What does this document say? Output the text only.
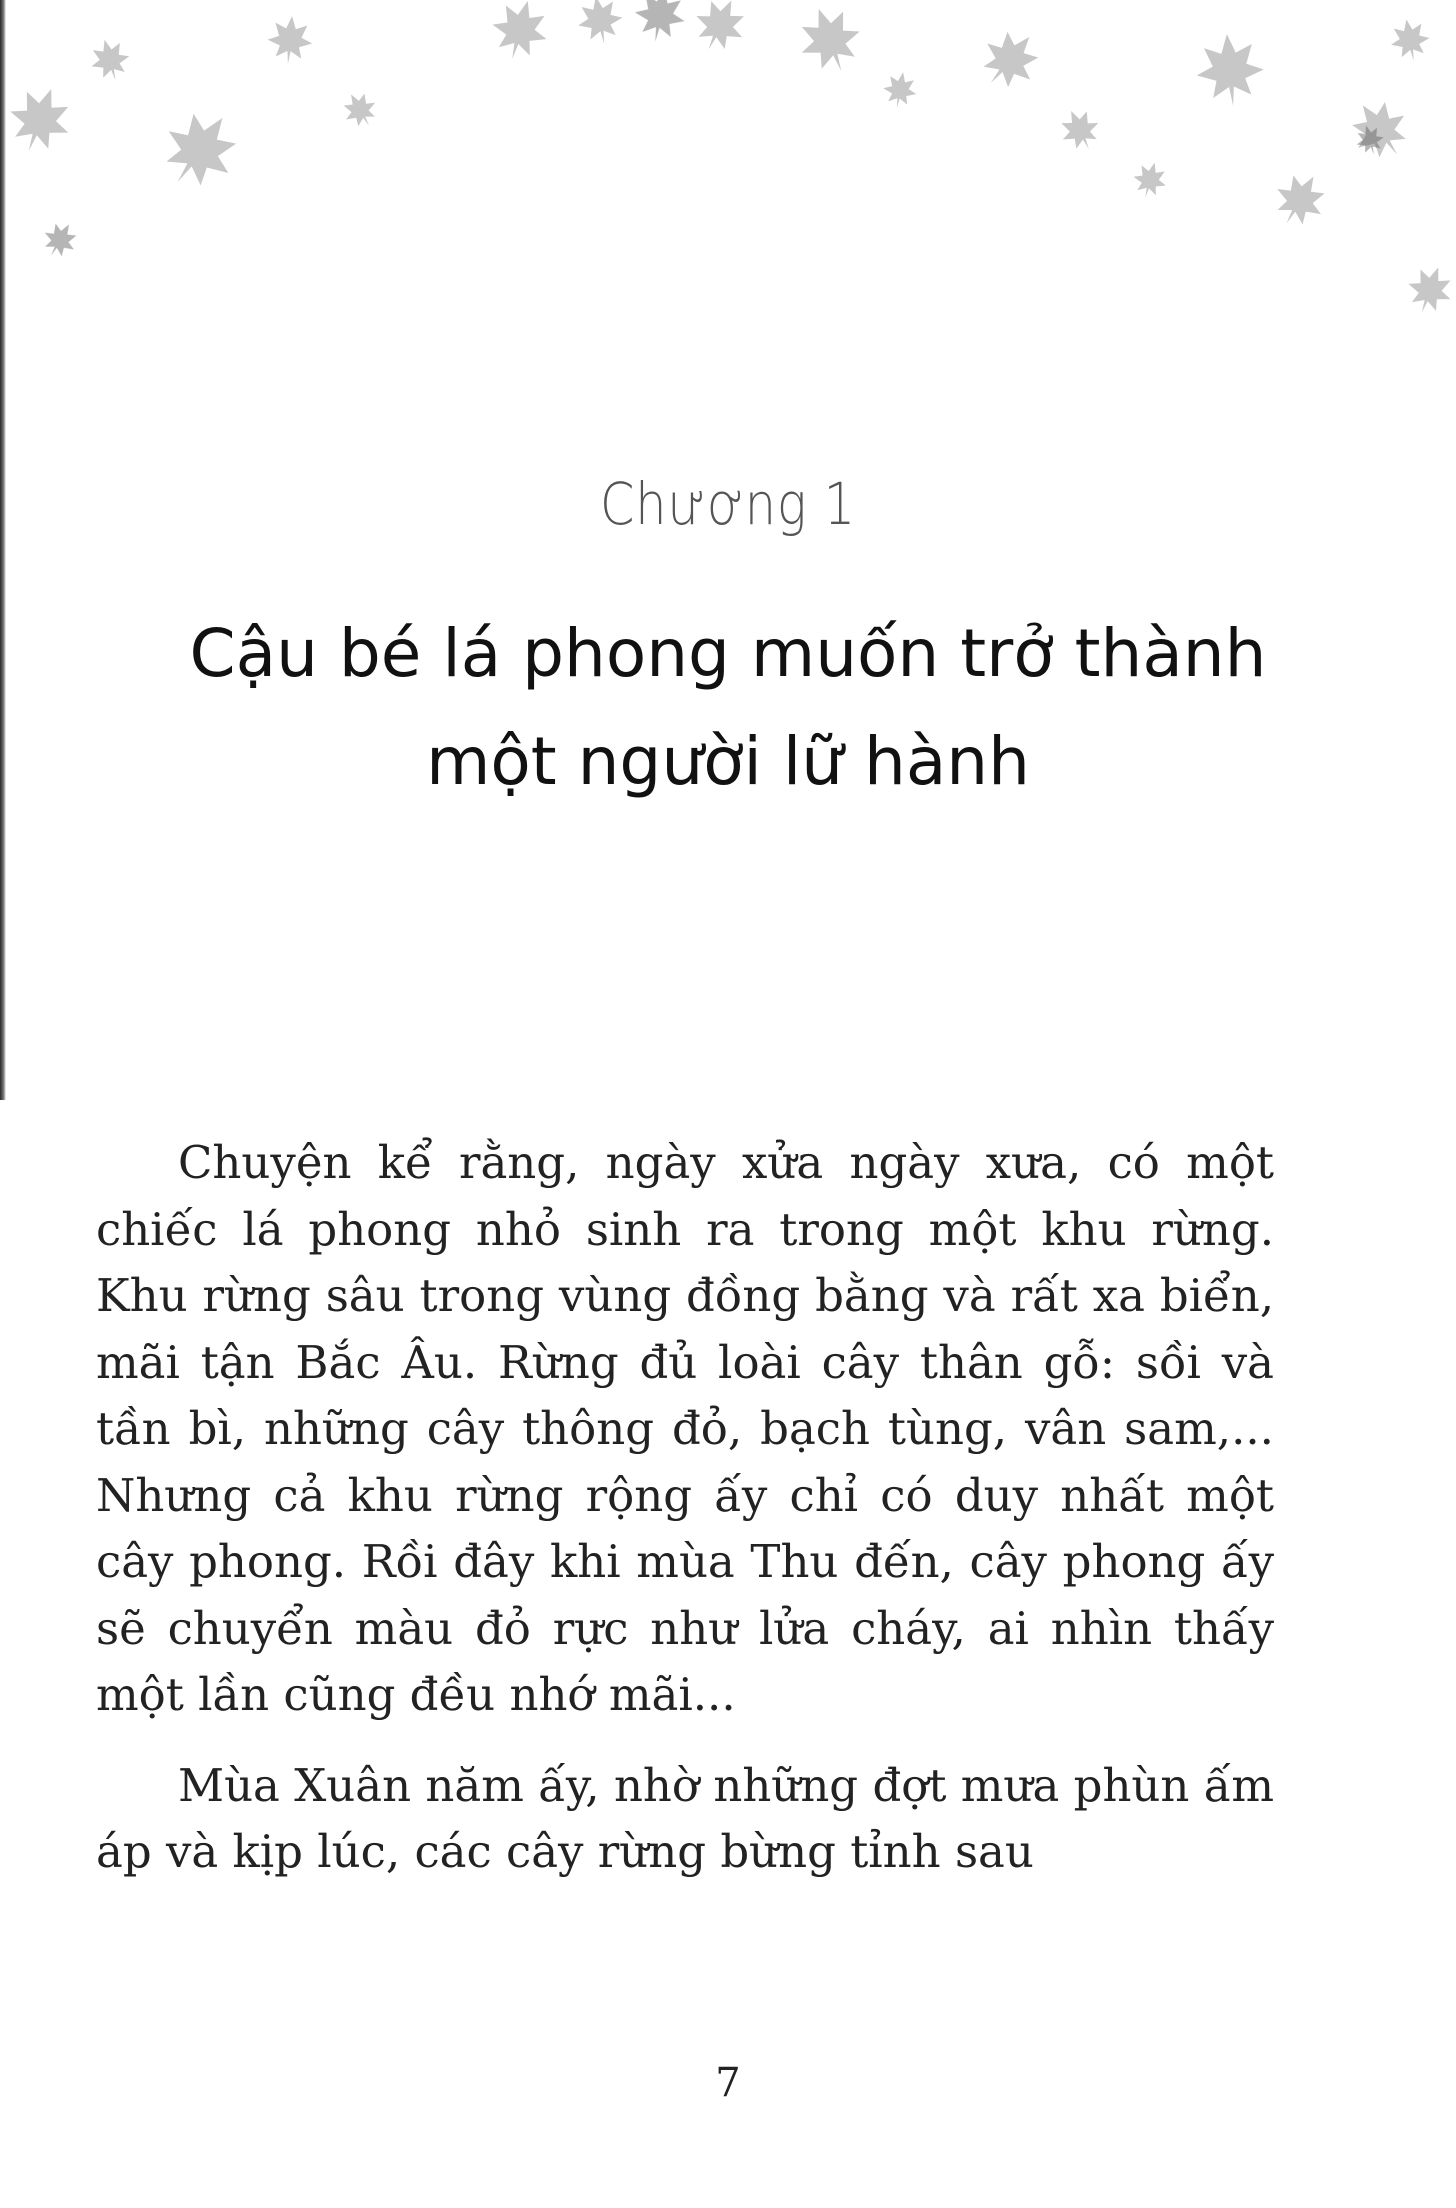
Chương 1
Cậu bé lá phong muốn trở thành
một người lữ hành

Chuyện kể rằng, ngày xửa ngày xưa, có một chiếc lá phong nhỏ sinh ra trong một khu rừng. Khu rừng sâu trong vùng đồng bằng và rất xa biển, mãi tận Bắc Âu. Rừng đủ loài cây thân gỗ: sồi và tần bì, những cây thông đỏ, bạch tùng, vân sam,... Nhưng cả khu rừng rộng ấy chỉ có duy nhất một cây phong. Rồi đây khi mùa Thu đến, cây phong ấy sẽ chuyển màu đỏ rực như lửa cháy, ai nhìn thấy một lần cũng đều nhớ mãi...

Mùa Xuân năm ấy, nhờ những đợt mưa phùn ấm áp và kịp lúc, các cây rừng bừng tỉnh sau

7
